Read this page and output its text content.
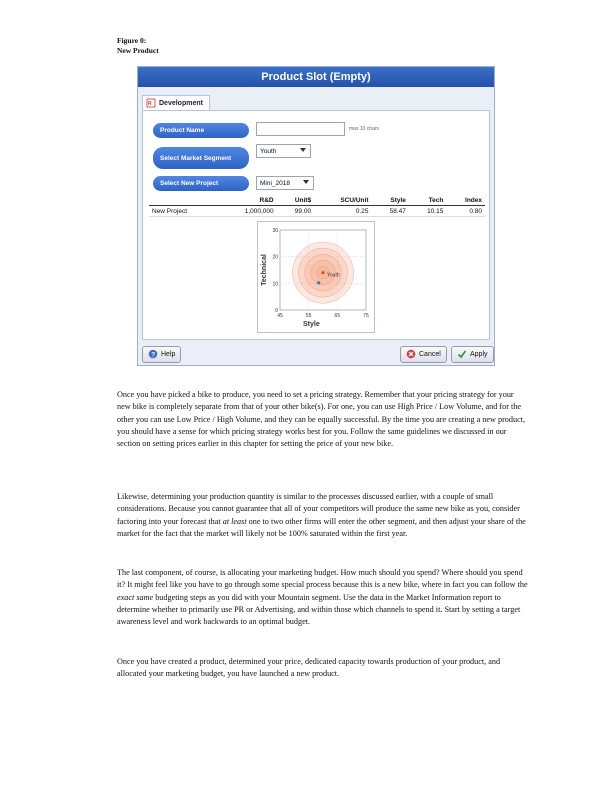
Figure 0:
New Product
Product Slot (Empty)
R Development
Product Name	max 10 chars
Select Market Segment
Youth
Select New Project	Mini_2018
	R&D	Unit$	SCU/Unit	Style	Tech	Index
New Project	1,000,000	99.00	0.25	58.47	10.15	0.80
Youth
45	55	65	75
0
10
20
30
Style
Technical
? Help	Cancel	Apply

Once you have picked a bike to produce, you need to set a pricing strategy. Remember that your pricing strategy for your new bike is completely separate from that of your other bike(s). For one, you can use High Price / Low Volume, and for the other you can use Low Price / High Volume, and they can be equally successful. By the time you are creating a new product, you should have a sense for which pricing strategy works best for you. Follow the same guidelines we discussed in our section on setting prices earlier in this chapter for setting the price of your new bike.

Likewise, determining your production quantity is similar to the processes discussed earlier, with a couple of small considerations. Because you cannot guarantee that all of your competitors will produce the same new bike as you, consider factoring into your forecast that at least one to two other firms will enter the other segment, and then adjust your share of the market for the fact that the market will likely not be 100% saturated within the first year.

The last component, of course, is allocating your marketing budget. How much should you spend? Where should you spend it? It might feel like you have to go through some special process because this is a new bike, where in fact you can follow the exact same budgeting steps as you did with your Mountain segment. Use the data in the Market Information report to determine whether to primarily use PR or Advertising, and within those which channels to spend it. Start by setting a target awareness level and work backwards to an optimal budget.

Once you have created a product, determined your price, dedicated capacity towards production of your product, and allocated your marketing budget, you have launched a new product.
